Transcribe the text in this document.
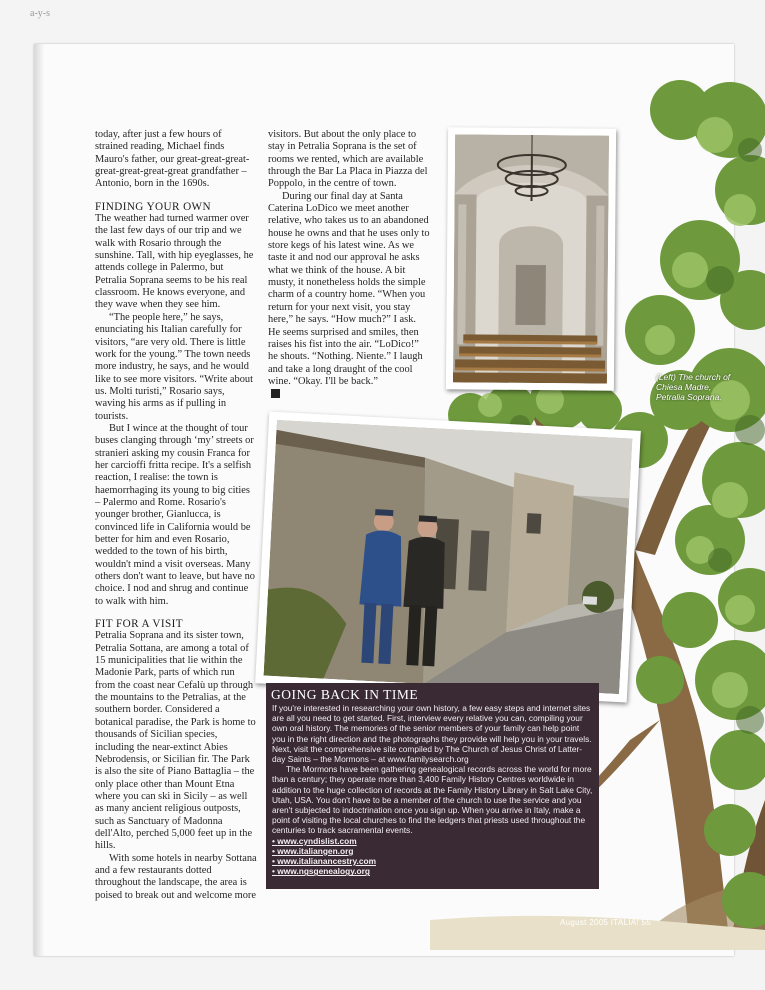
a-y-s

today, after just a few hours of strained reading, Michael finds Mauro's father, our great-great-great-great-great-great-great grandfather – Antonio, born in the 1690s.

FINDING YOUR OWN

The weather had turned warmer over the last few days of our trip and we walk with Rosario through the sunshine. Tall, with hip eyeglasses, he attends college in Palermo, but Petralia Soprana seems to be his real classroom. He knows everyone, and they wave when they see him.

“The people here,” he says, enunciating his Italian carefully for visitors, “are very old. There is little work for the young.” The town needs more industry, he says, and he would like to see more visitors. “Write about us. Molti turisti,” Rosario says, waving his arms as if pulling in tourists.

But I wince at the thought of tour buses clanging through ‘my’ streets or stranieri asking my cousin Franca for her carcioffi fritta recipe. It's a selfish reaction, I realise: the town is haemorrhaging its young to big cities – Palermo and Rome. Rosario's younger brother, Gianlucca, is convinced life in California would be better for him and even Rosario, wedded to the town of his birth, wouldn't mind a visit overseas. Many others don't want to leave, but have no choice. I nod and shrug and continue to walk with him.

FIT FOR A VISIT

Petralia Soprana and its sister town, Petralia Sottana, are among a total of 15 municipalities that lie within the Madonie Park, parts of which run from the coast near Cefalù up through the mountains to the Petralias, at the southern border. Considered a botanical paradise, the Park is home to thousands of Sicilian species, including the near-extinct Abies Nebrodensis, or Sicilian fir. The Park is also the site of Piano Battaglia – the only place other than Mount Etna where you can ski in Sicily – as well as many ancient religious outposts, such as Sanctuary of Madonna dell'Alto, perched 5,000 feet up in the hills.

With some hotels in nearby Sottana and a few restaurants dotted throughout the landscape, the area is poised to break out and welcome more

visitors. But about the only place to stay in Petralia Soprana is the set of rooms we rented, which are available through the Bar La Placa in Piazza del Poppolo, in the centre of town.

During our final day at Santa Caterina LoDico we meet another relative, who takes us to an abandoned house he owns and that he uses only to store kegs of his latest wine. As we taste it and nod our approval he asks what we think of the house. A bit musty, it nonetheless holds the simple charm of a country home. “When you return for your next visit, you stay here,” he says. “How much?” I ask. He seems surprised and smiles, then raises his fist into the air. “LoDico!” he shouts. “Nothing. Niente.” I laugh and take a long draught of the cool wine. “Okay. I'll be back.”	(Left) The church of Chiesa Madre, Petralia Soprana.
GOING BACK IN TIME

If you're interested in researching your own history, a few easy steps and internet sites are all you need to get started. First, interview every relative you can, compiling your own oral history. The memories of the senior members of your family can help point you in the right direction and the photographs they provide will help you in your travels. Next, visit the comprehensive site compiled by The Church of Jesus Christ of Latter-day Saints – the Mormons – at www.familysearch.org

The Mormons have been gathering genealogical records across the world for more than a century; they operate more than 3,400 Family History Centres worldwide in addition to the huge collection of records at the Family History Library in Salt Lake City, Utah, USA. You don't have to be a member of the church to use the service and you aren't subjected to indoctrination once you sign up. When you arrive in Italy, make a point of visiting the local churches to find the ledgers that priests used throughout the centuries to track sacramental events.

• www.cyndislist.com
• www.italiangen.org
• www.italianancestry.com
• www.ngsgenealogy.org
August 2005 ITALIA! 55
